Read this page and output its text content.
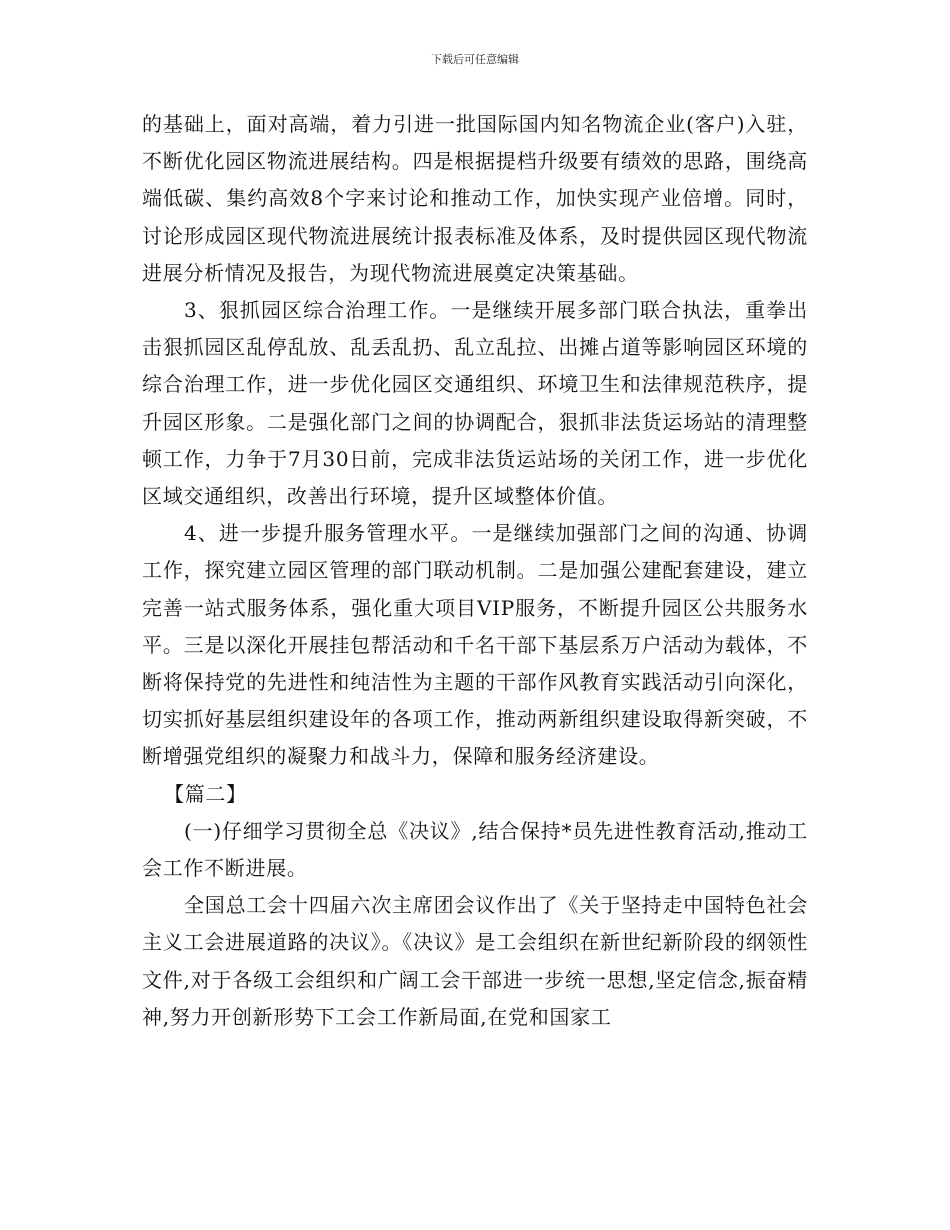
下载后可任意编辑

的基础上，面对高端，着力引进一批国际国内知名物流企业(客户)入驻，不断优化园区物流进展结构。四是根据提档升级要有绩效的思路，围绕高端低碳、集约高效8个字来讨论和推动工作，加快实现产业倍增。同时，讨论形成园区现代物流进展统计报表标准及体系，及时提供园区现代物流进展分析情况及报告，为现代物流进展奠定决策基础。

3、狠抓园区综合治理工作。一是继续开展多部门联合执法，重拳出击狠抓园区乱停乱放、乱丢乱扔、乱立乱拉、出摊占道等影响园区环境的综合治理工作，进一步优化园区交通组织、环境卫生和法律规范秩序，提升园区形象。二是强化部门之间的协调配合，狠抓非法货运场站的清理整顿工作，力争于7月30日前，完成非法货运站场的关闭工作，进一步优化区域交通组织，改善出行环境，提升区域整体价值。

4、进一步提升服务管理水平。一是继续加强部门之间的沟通、协调工作，探究建立园区管理的部门联动机制。二是加强公建配套建设，建立完善一站式服务体系，强化重大项目VIP服务，不断提升园区公共服务水平。三是以深化开展挂包帮活动和千名干部下基层系万户活动为载体，不断将保持党的先进性和纯洁性为主题的干部作风教育实践活动引向深化，切实抓好基层组织建设年的各项工作，推动两新组织建设取得新突破，不断增强党组织的凝聚力和战斗力，保障和服务经济建设。

【篇二】

(一)仔细学习贯彻全总《决议》,结合保持*员先进性教育活动,推动工会工作不断进展。

全国总工会十四届六次主席团会议作出了《关于坚持走中国特色社会主义工会进展道路的决议》。《决议》是工会组织在新世纪新阶段的纲领性文件,对于各级工会组织和广阔工会干部进一步统一思想,坚定信念,振奋精神,努力开创新形势下工会工作新局面,在党和国家工
